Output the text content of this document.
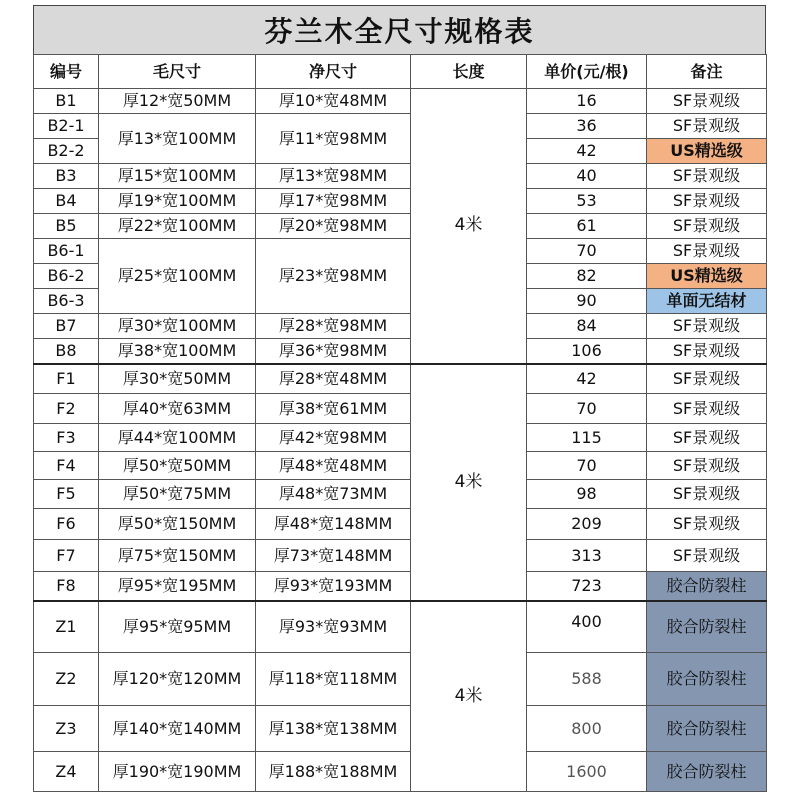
芬兰木全尺寸规格表
编号	毛尺寸	净尺寸	长度	单价(元/根)	备注
B1	厚12*宽50MM	厚10*宽48MM	4米	16	SF景观级
B2-1	厚13*宽100MM	厚11*宽98MM		36	SF景观级
B2-2				42	US精选级
B3	厚15*宽100MM	厚13*宽98MM		40	SF景观级
B4	厚19*宽100MM	厚17*宽98MM		53	SF景观级
B5	厚22*宽100MM	厚20*宽98MM		61	SF景观级
B6-1	厚25*宽100MM	厚23*宽98MM		70	SF景观级
B6-2				82	US精选级
B6-3				90	单面无结材
B7	厚30*宽100MM	厚28*宽98MM		84	SF景观级
B8	厚38*宽100MM	厚36*宽98MM		106	SF景观级
F1	厚30*宽50MM	厚28*宽48MM	4米	42	SF景观级
F2	厚40*宽63MM	厚38*宽61MM		70	SF景观级
F3	厚44*宽100MM	厚42*宽98MM		115	SF景观级
F4	厚50*宽50MM	厚48*宽48MM		70	SF景观级
F5	厚50*宽75MM	厚48*宽73MM		98	SF景观级
F6	厚50*宽150MM	厚48*宽148MM		209	SF景观级
F7	厚75*宽150MM	厚73*宽148MM		313	SF景观级
F8	厚95*宽195MM	厚93*宽193MM		723	胶合防裂柱
Z1	厚95*宽95MM	厚93*宽93MM	4米	400	胶合防裂柱
Z2	厚120*宽120MM	厚118*宽118MM		588	胶合防裂柱
Z3	厚140*宽140MM	厚138*宽138MM		800	胶合防裂柱
Z4	厚190*宽190MM	厚188*宽188MM		1600	胶合防裂柱
